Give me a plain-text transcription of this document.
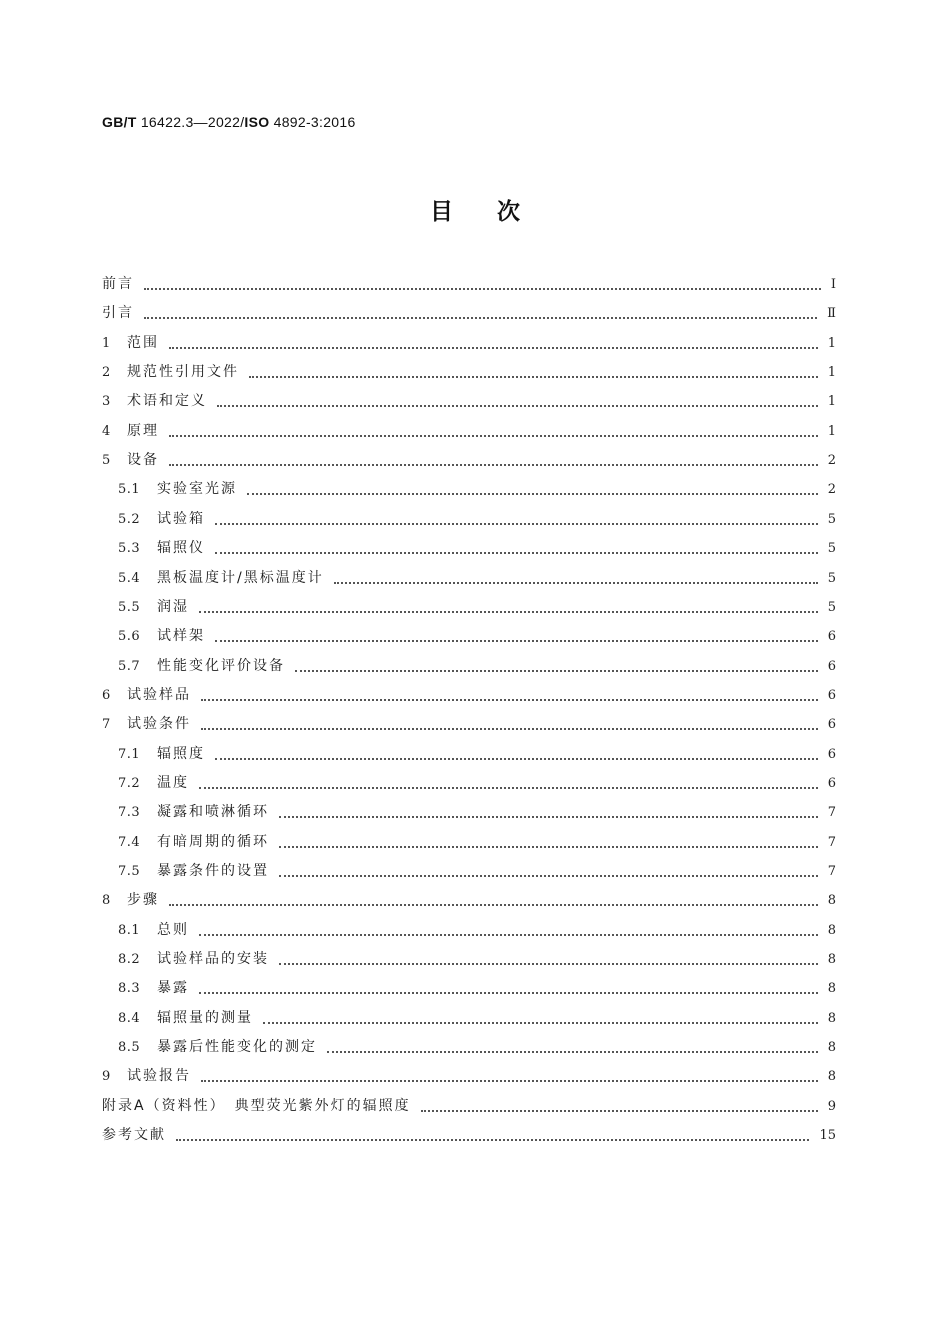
GB/T 16422.3—2022/ISO 4892-3:2016
目次
前言	Ⅰ
引言	Ⅱ
1	范围	1
2	规范性引用文件	1
3	术语和定义	1
4	原理	1
5	设备	2
5.1	实验室光源	2
5.2	试验箱	5
5.3	辐照仪	5
5.4	黑板温度计/黑标温度计	5
5.5	润湿	5
5.6	试样架	6
5.7	性能变化评价设备	6
6	试验样品	6
7	试验条件	6
7.1	辐照度	6
7.2	温度	6
7.3	凝露和喷淋循环	7
7.4	有暗周期的循环	7
7.5	暴露条件的设置	7
8	步骤	8
8.1	总则	8
8.2	试验样品的安装	8
8.3	暴露	8
8.4	辐照量的测量	8
8.5	暴露后性能变化的测定	8
9	试验报告	8
附录A（资料性）　典型荧光紫外灯的辐照度	9
参考文献	15
